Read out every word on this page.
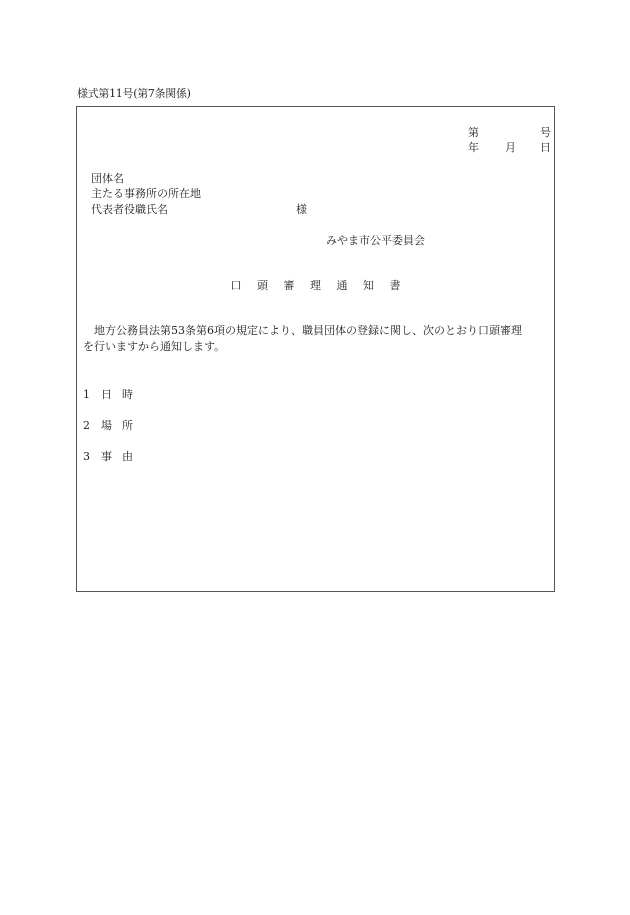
様式第11号(第7条関係)
第	号
年 月 日
団体名
主たる事務所の所在地
代表者役職氏名	様
みやま市公平委員会
口 頭 審 理 通 知 書
　地方公務員法第53条第6項の規定により、職員団体の登録に関し、次のとおり口頭審理
を行いますから通知します。
1 日 時
2 場 所
3 事 由
